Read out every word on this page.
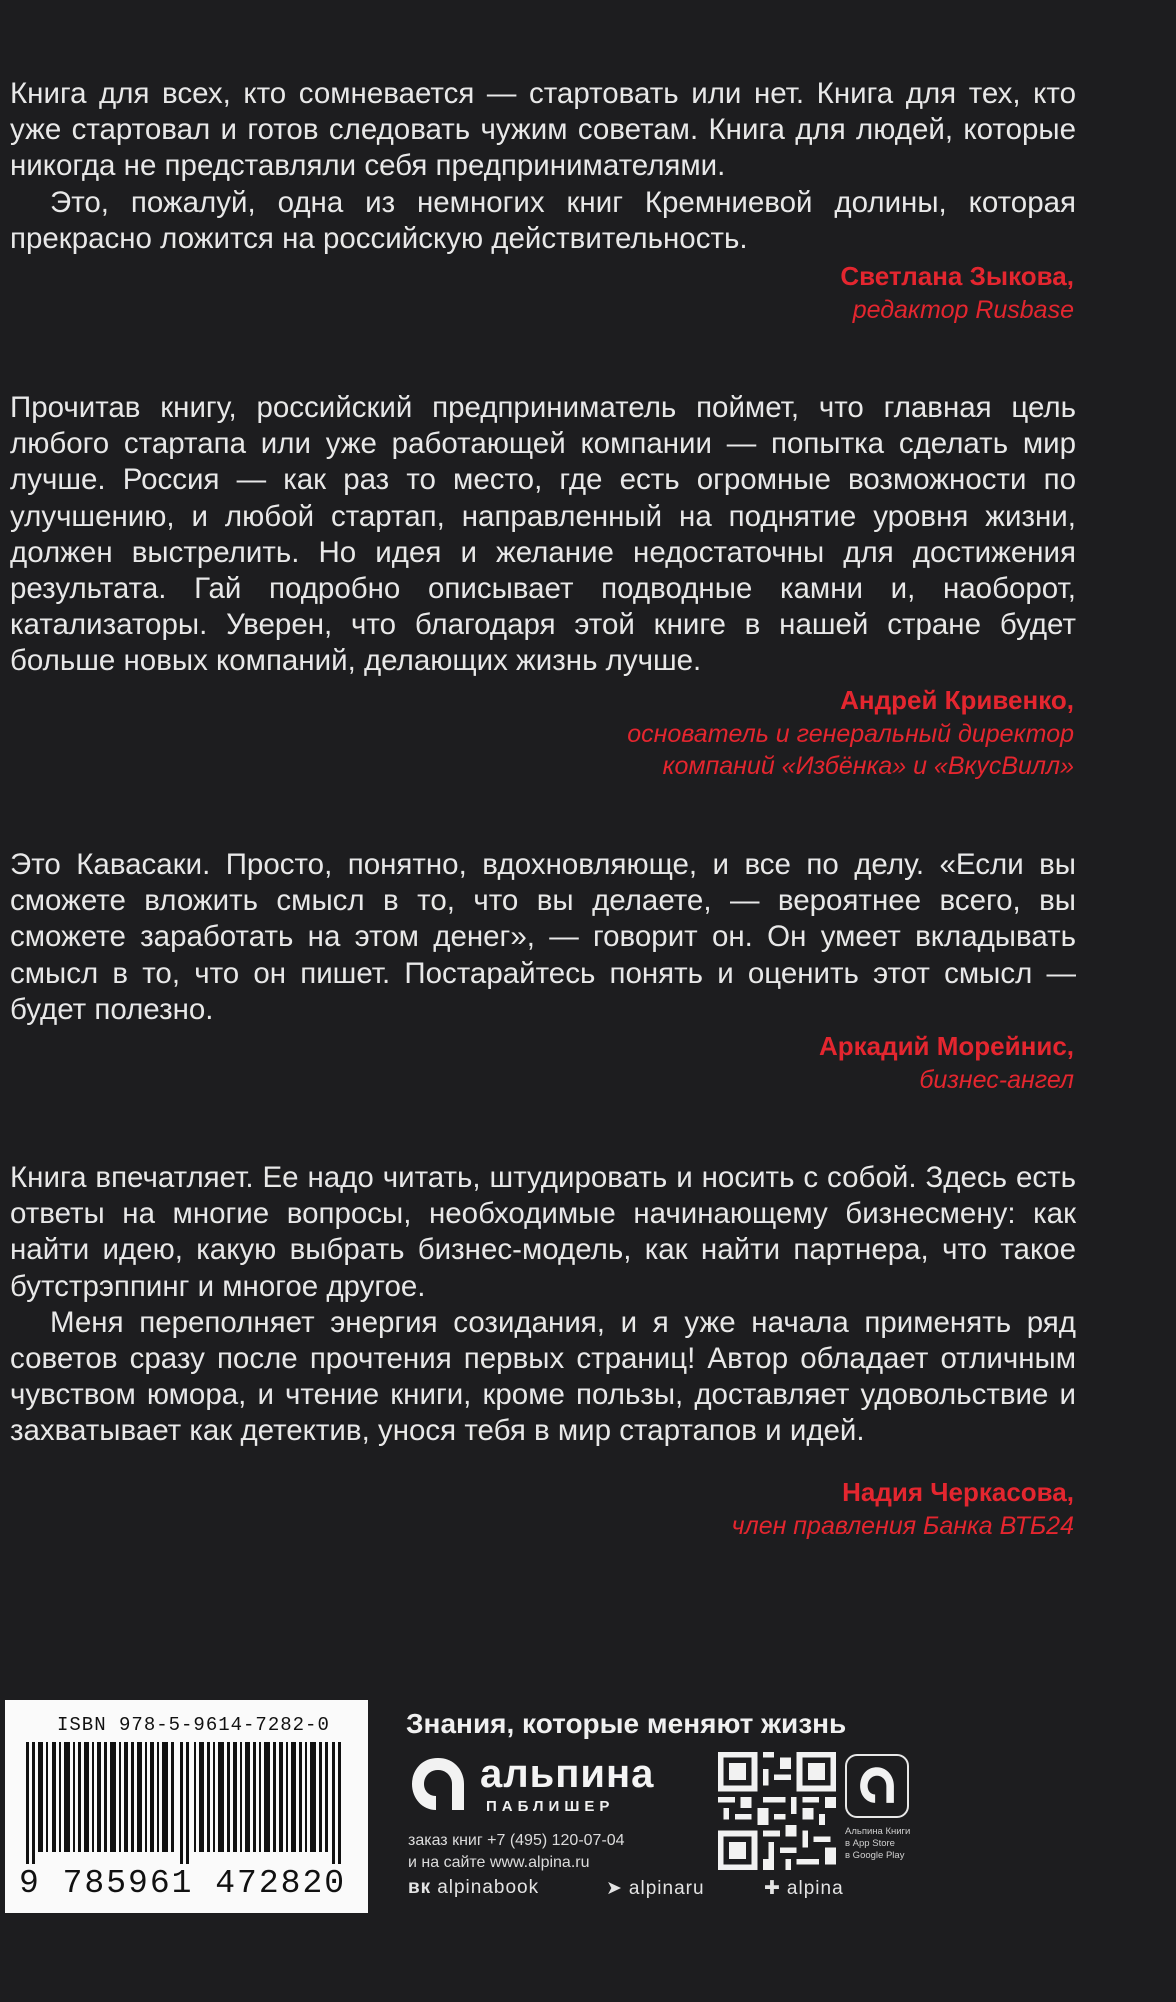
Книга для всех, кто сомневается — стартовать или нет. Книга для тех, кто уже стартовал и готов следовать чужим советам. Книга для людей, которые никогда не представляли себя предпринимателями.

Это, пожалуй, одна из немногих книг Кремниевой долины, которая прекрасно ложится на российскую действительность.

Светлана Зыкова,
редактор Rusbase

Прочитав книгу, российский предприниматель поймет, что главная цель любого стартапа или уже работающей компании — попытка сделать мир лучше. Россия — как раз то место, где есть огромные возможности по улучшению, и любой стартап, направленный на поднятие уровня жизни, должен выстрелить. Но идея и желание недостаточны для достижения результата. Гай подробно описывает подводные камни и, наоборот, катализаторы. Уверен, что благодаря этой книге в нашей стране будет больше новых компаний, делающих жизнь лучше.

Андрей Кривенко,
основатель и генеральный директор
компаний «Избёнка» и «ВкусВилл»

Это Кавасаки. Просто, понятно, вдохновляюще, и все по делу. «Если вы сможете вложить смысл в то, что вы делаете, — вероятнее всего, вы сможете заработать на этом денег», — говорит он. Он умеет вкладывать смысл в то, что он пишет. Постарайтесь понять и оценить этот смысл — будет полезно.

Аркадий Морейнис,
бизнес-ангел

Книга впечатляет. Ее надо читать, штудировать и носить с собой. Здесь есть ответы на многие вопросы, необходимые начинающему бизнесмену: как найти идею, какую выбрать бизнес-модель, как найти партнера, что такое бутстрэппинг и многое другое.

Меня переполняет энергия созидания, и я уже начала применять ряд советов сразу после прочтения первых страниц! Автор обладает отличным чувством юмора, и чтение книги, кроме пользы, доставляет удовольствие и захватывает как детектив, унося тебя в мир стартапов и идей.

Надия Черкасова,
член правления Банка ВТБ24
ISBN 978-5-9614-7282-0
9 785961 472820
Знания, которые меняют жизнь
альпина
ПАБЛИШЕР
заказ книг +7 (495) 120-07-04
и на сайте www.alpina.ru
Альпина Книги
в App Store
в Google Play
вк alpinabook	➤ alpinaru	✚ alpina
